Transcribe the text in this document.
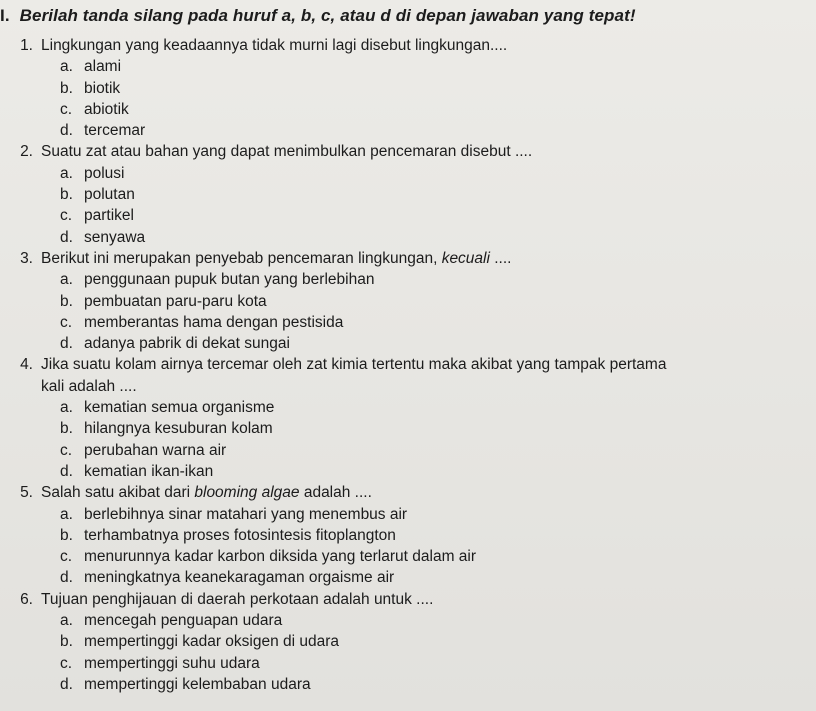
I. Berilah tanda silang pada huruf a, b, c, atau d di depan jawaban yang tepat!
1. Lingkungan yang keadaannya tidak murni lagi disebut lingkungan....
a. alami
b. biotik
c. abiotik
d. tercemar
2. Suatu zat atau bahan yang dapat menimbulkan pencemaran disebut ....
a. polusi
b. polutan
c. partikel
d. senyawa
3. Berikut ini merupakan penyebab pencemaran lingkungan, kecuali ....
a. penggunaan pupuk butan yang berlebihan
b. pembuatan paru-paru kota
c. memberantas hama dengan pestisida
d. adanya pabrik di dekat sungai
4. Jika suatu kolam airnya tercemar oleh zat kimia tertentu maka akibat yang tampak pertama
kali adalah ....
a. kematian semua organisme
b. hilangnya kesuburan kolam
c. perubahan warna air
d. kematian ikan-ikan
5. Salah satu akibat dari blooming algae adalah ....
a. berlebihnya sinar matahari yang menembus air
b. terhambatnya proses fotosintesis fitoplangton
c. menurunnya kadar karbon diksida yang terlarut dalam air
d. meningkatnya keanekaragaman orgaisme air
6. Tujuan penghijauan di daerah perkotaan adalah untuk ....
a. mencegah penguapan udara
b. mempertinggi kadar oksigen di udara
c. mempertinggi suhu udara
d. mempertinggi kelembaban udara
